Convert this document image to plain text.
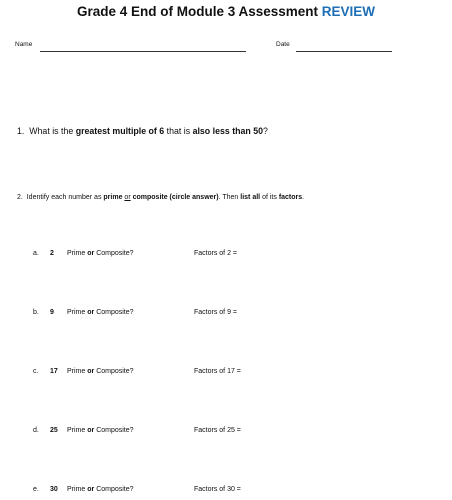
Grade 4 End of Module 3 Assessment REVIEW
Name	Date
1. What is the greatest multiple of 6 that is also less than 50?
2. Identify each number as prime or composite (circle answer). Then list all of its factors.
a. 2 Prime or Composite?	Factors of 2 =
b. 9 Prime or Composite?	Factors of 9 =
c. 17 Prime or Composite?	Factors of 17 =
d. 25 Prime or Composite?	Factors of 25 =
e. 30 Prime or Composite?	Factors of 30 =
